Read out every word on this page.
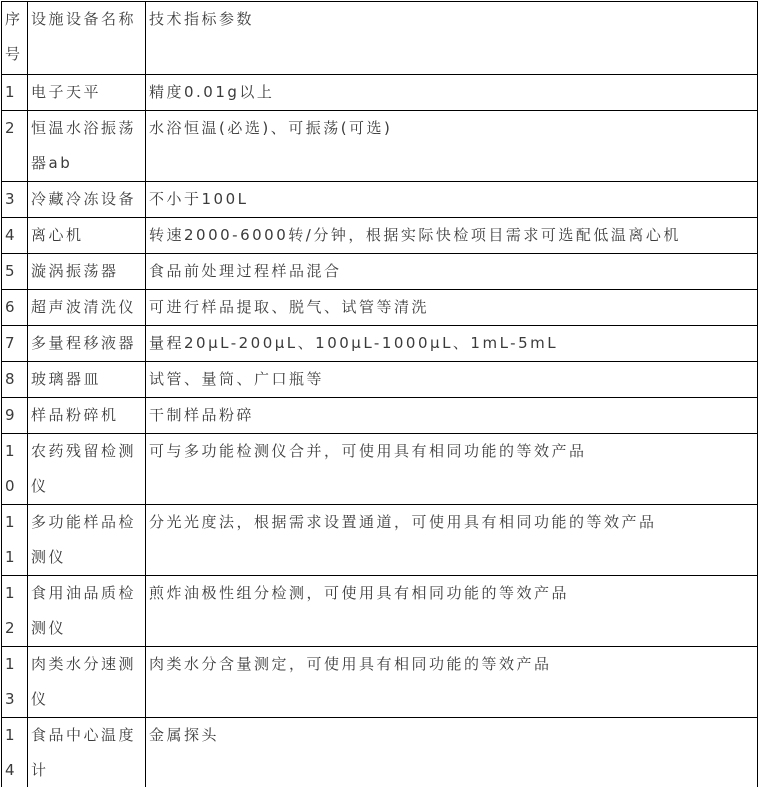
序号	设施设备名称	技术指标参数
1	电子天平	精度0.01g以上
2	恒温水浴振荡器ab	水浴恒温(必选)、可振荡(可选)
3	冷藏冷冻设备	不小于100L
4	离心机	转速2000-6000转/分钟，根据实际快检项目需求可选配低温离心机
5	漩涡振荡器	食品前处理过程样品混合
6	超声波清洗仪	可进行样品提取、脱气、试管等清洗
7	多量程移液器	量程20μL-200μL、100μL-1000μL、1mL-5mL
8	玻璃器皿	试管、量筒、广口瓶等
9	样品粉碎机	干制样品粉碎
10	农药残留检测仪	可与多功能检测仪合并，可使用具有相同功能的等效产品
11	多功能样品检测仪	分光光度法，根据需求设置通道，可使用具有相同功能的等效产品
12	食用油品质检测仪	煎炸油极性组分检测，可使用具有相同功能的等效产品
13	肉类水分速测仪	肉类水分含量测定，可使用具有相同功能的等效产品
14	食品中心温度计	金属探头
